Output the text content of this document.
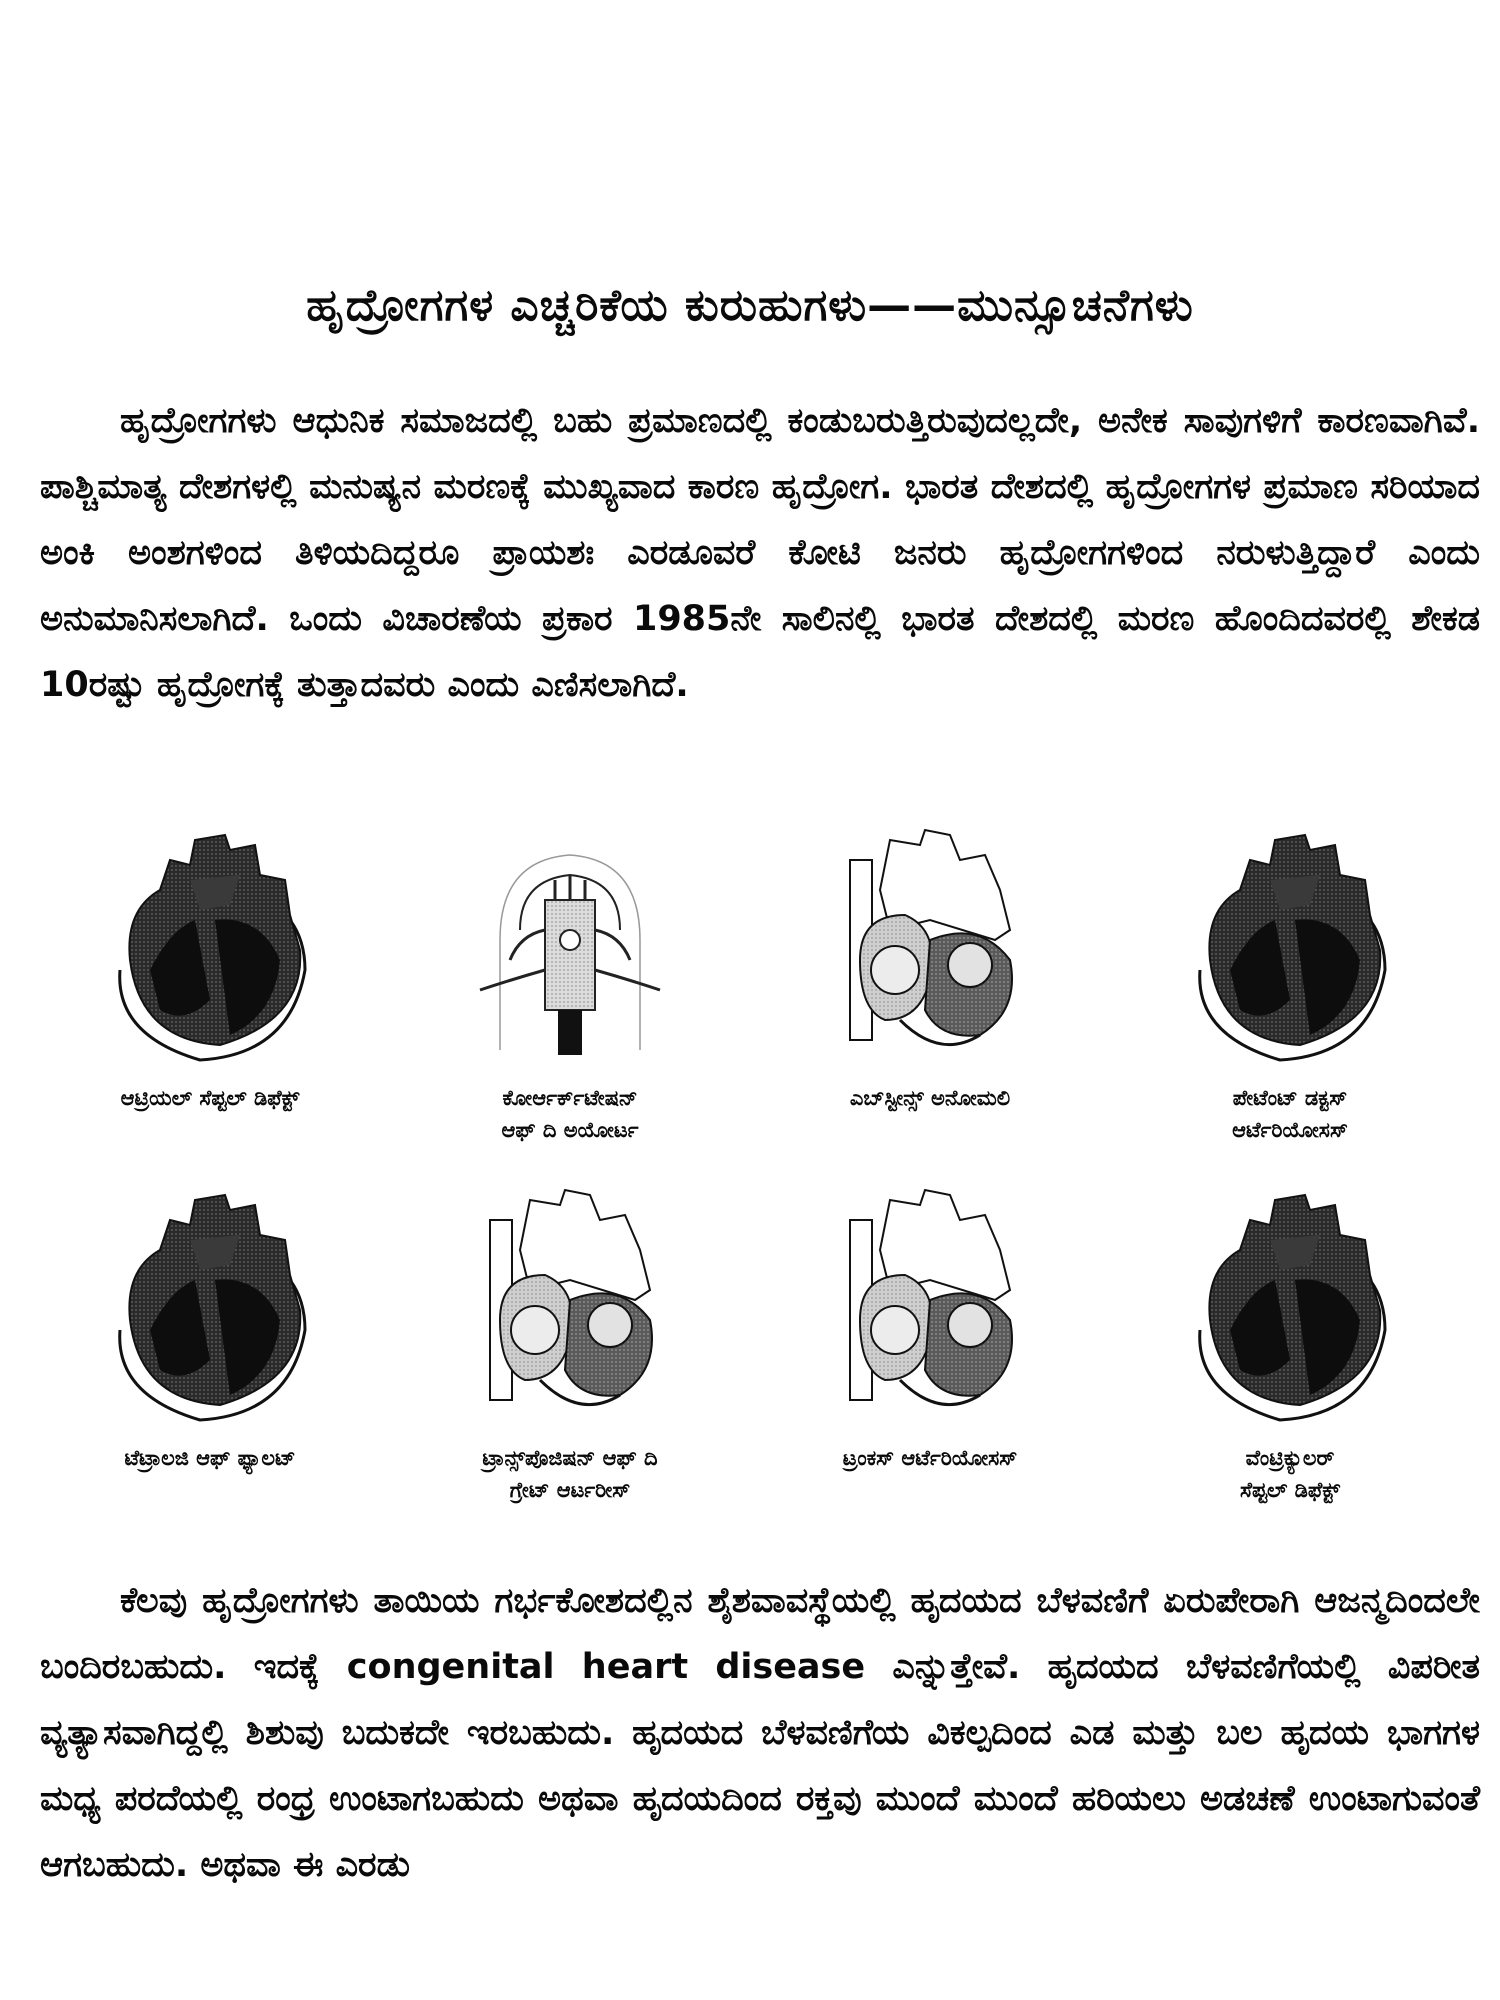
ಹೃದ್ರೋಗಗಳ ಎಚ್ಚರಿಕೆಯ ಕುರುಹುಗಳು——ಮುನ್ಸೂಚನೆಗಳು

ಹೃದ್ರೋಗಗಳು ಆಧುನಿಕ ಸಮಾಜದಲ್ಲಿ ಬಹು ಪ್ರಮಾಣದಲ್ಲಿ ಕಂಡುಬರುತ್ತಿರುವುದಲ್ಲದೇ, ಅನೇಕ ಸಾವುಗಳಿಗೆ ಕಾರಣವಾಗಿವೆ. ಪಾಶ್ಚಿಮಾತ್ಯ ದೇಶಗಳಲ್ಲಿ ಮನುಷ್ಯನ ಮರಣಕ್ಕೆ ಮುಖ್ಯವಾದ ಕಾರಣ ಹೃದ್ರೋಗ. ಭಾರತ ದೇಶದಲ್ಲಿ ಹೃದ್ರೋಗಗಳ ಪ್ರಮಾಣ ಸರಿಯಾದ ಅಂಕಿ ಅಂಶಗಳಿಂದ ತಿಳಿಯದಿದ್ದರೂ ಪ್ರಾಯಶಃ ಎರಡೂವರೆ ಕೋಟಿ ಜನರು ಹೃದ್ರೋಗಗಳಿಂದ ನರುಳುತ್ತಿದ್ದಾರೆ ಎಂದು ಅನುಮಾನಿಸಲಾಗಿದೆ. ಒಂದು ವಿಚಾರಣೆಯ ಪ್ರಕಾರ 1985ನೇ ಸಾಲಿನಲ್ಲಿ ಭಾರತ ದೇಶದಲ್ಲಿ ಮರಣ ಹೊಂದಿದವರಲ್ಲಿ ಶೇಕಡ 10ರಷ್ಟು ಹೃದ್ರೋಗಕ್ಕೆ ತುತ್ತಾದವರು ಎಂದು ಎಣಿಸಲಾಗಿದೆ.

ಆಟ್ರಿಯಲ್ ಸೆಪ್ಟಲ್ ಡಿಫೆಕ್ಟ್	ಕೋರ್ಆರ್ಕ್‌ಟೇಷನ್
ಆಫ್ ದಿ ಅಯೋರ್ಟ
ಎಬ್‌ಸ್ಟೀನ್ಸ್ ಅನೋಮಲಿ	ಪೇಟೆಂಟ್ ಡಕ್ಟಸ್
ಆರ್ಟೆರಿಯೋಸಸ್
ಟೆಟ್ರಾಲಜಿ ಆಫ್ ಫ್ಯಾಲಟ್	ಟ್ರಾನ್ಸ್‌ಪೊಜಿಷನ್ ಆಫ್ ದಿ
ಗ್ರೇಟ್ ಆರ್ಟರೀಸ್
ಟ್ರಂಕಸ್ ಆರ್ಟೆರಿಯೋಸಸ್	ವೆಂಟ್ರಿಕ್ಯುಲರ್
ಸೆಪ್ಟಲ್ ಡಿಫೆಕ್ಟ್

ಕೆಲವು ಹೃದ್ರೋಗಗಳು ತಾಯಿಯ ಗರ್ಭಕೋಶದಲ್ಲಿನ ಶೈಶವಾವಸ್ಥೆಯಲ್ಲಿ ಹೃದಯದ ಬೆಳವಣಿಗೆ ಏರುಪೇರಾಗಿ ಆಜನ್ಮದಿಂದಲೇ ಬಂದಿರಬಹುದು. ಇದಕ್ಕೆ congenital heart disease ಎನ್ನುತ್ತೇವೆ. ಹೃದಯದ ಬೆಳವಣಿಗೆಯಲ್ಲಿ ವಿಪರೀತ ವ್ಯತ್ಯಾಸವಾಗಿದ್ದಲ್ಲಿ ಶಿಶುವು ಬದುಕದೇ ಇರಬಹುದು. ಹೃದಯದ ಬೆಳವಣಿಗೆಯ ವಿಕಲ್ಪದಿಂದ ಎಡ ಮತ್ತು ಬಲ ಹೃದಯ ಭಾಗಗಳ ಮಧ್ಯ ಪರದೆಯಲ್ಲಿ ರಂಧ್ರ ಉಂಟಾಗಬಹುದು ಅಥವಾ ಹೃದಯದಿಂದ ರಕ್ತವು ಮುಂದೆ ಮುಂದೆ ಹರಿಯಲು ಅಡಚಣೆ ಉಂಟಾಗುವಂತೆ ಆಗಬಹುದು. ಅಥವಾ ಈ ಎರಡು
